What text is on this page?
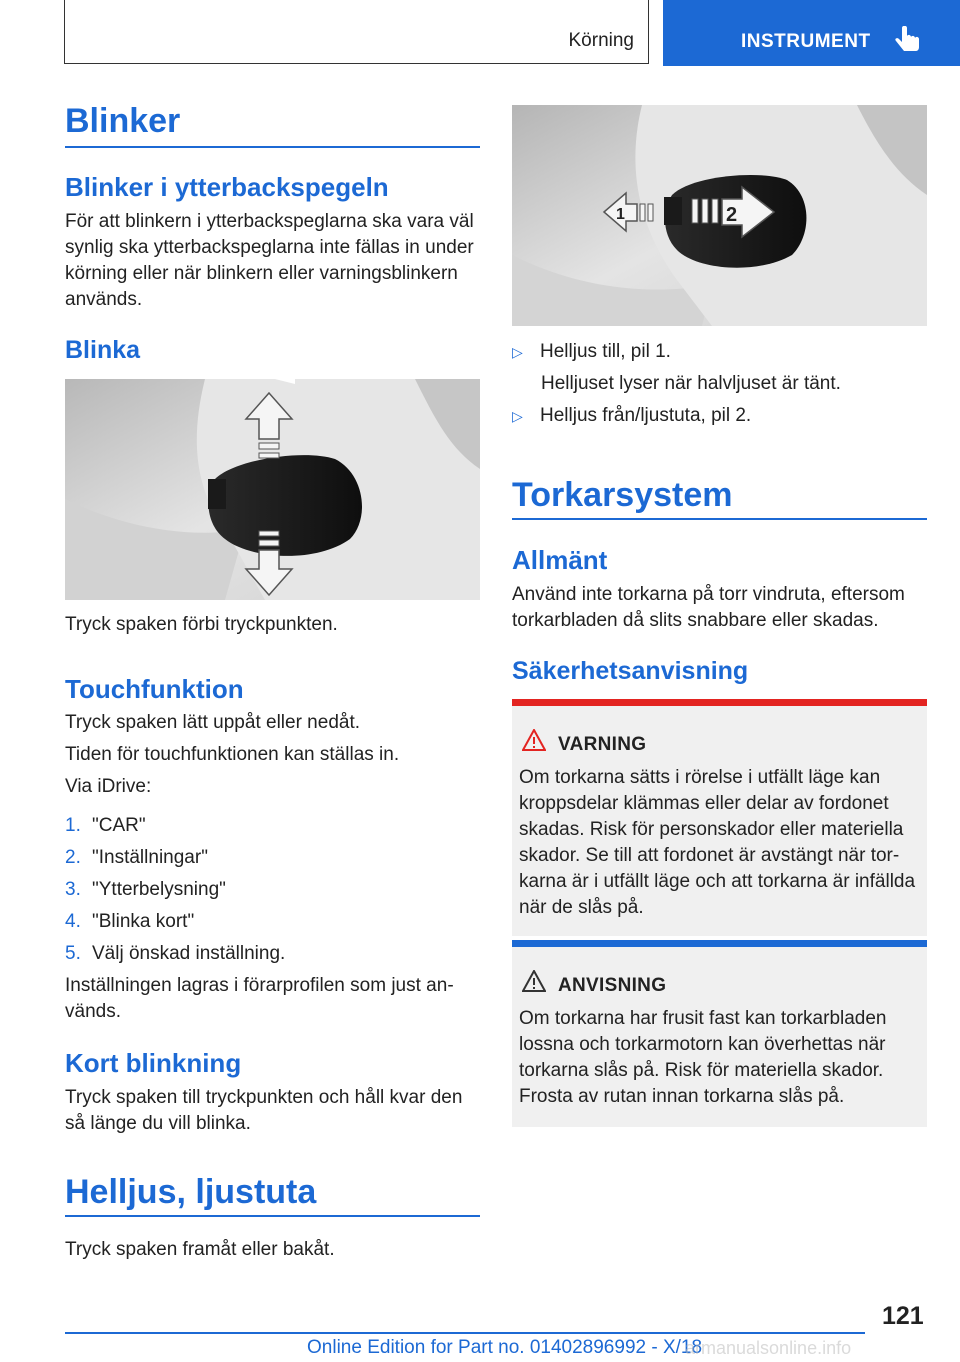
Körning	INSTRUMENT
Blinker
Blinker i ytterbackspegeln

För att blinkern i ytterbackspeglarna ska vara väl synlig ska ytterbackspeglarna inte fällas in under körning eller när blinkern eller varningsblinkern används.

Blinka

Tryck spaken förbi tryckpunkten.

Touchfunktion

Tryck spaken lätt uppåt eller nedåt.

Tiden för touchfunktionen kan ställas in.

Via iDrive:

1. "CAR"
2. "Inställningar"
3. "Ytterbelysning"
4. "Blinka kort"
5. Välj önskad inställning.

Inställningen lagras i förarprofilen som just används.

Kort blinkning

Tryck spaken till tryckpunkten och håll kvar den så länge du vill blinka.

Helljus, ljustuta

Tryck spaken framåt eller bakåt.

1	2
▷ Helljus till, pil 1.

Helljuset lyser när halvljuset är tänt.

▷ Helljus från/ljustuta, pil 2.
Torkarsystem
Allmänt

Använd inte torkarna på torr vindruta, eftersom torkarbladen då slits snabbare eller skadas.

Säkerhetsanvisning
VARNING

Om torkarna sätts i rörelse i utfällt läge kan kroppsdelar klämmas eller delar av fordonet skadas. Risk för personskador eller materiella skador. Se till att fordonet är avstängt när torkarna är i utfällt läge och att torkarna är infällda när de slås på.

ANVISNING

Om torkarna har frusit fast kan torkarbladen lossna och torkarmotorn kan överhettas när torkarna slås på. Risk för materiella skador. Frosta av rutan innan torkarna slås på.

121
Online Edition for Part no. 01402896992 - X/18
armanualsonline.info
